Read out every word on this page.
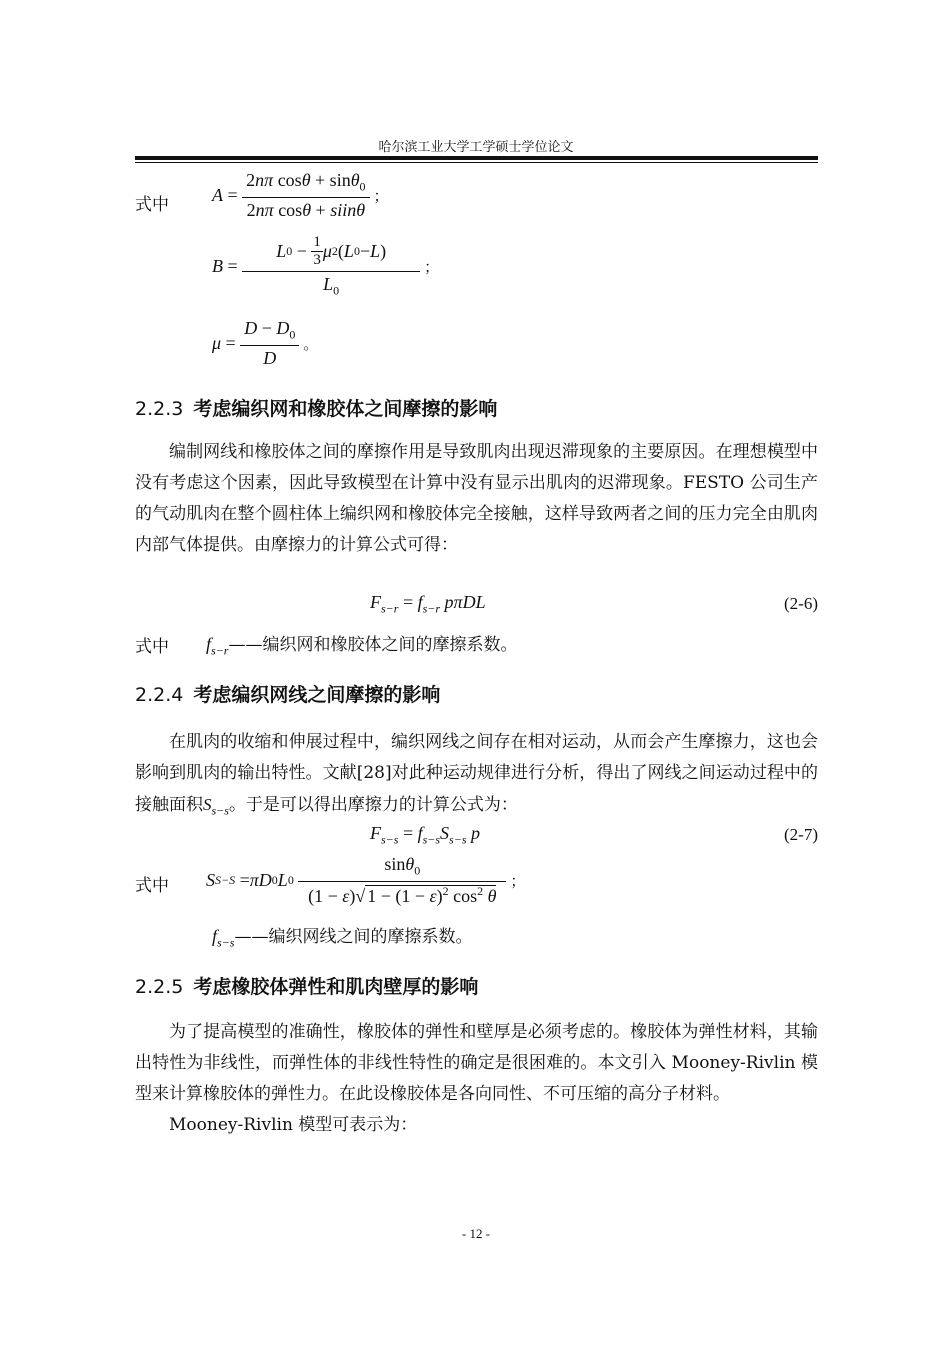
哈尔滨工业大学工学硕士学位论文
式中
$A = \frac{2n\pi \cos\theta + \sin\theta_0}{\text{2nπ cosθ + siinθ}}$ ；
$B = \frac{L 0 - \frac{1}{3} \mu 2 ( L 0 - L )}{L_0}$ ；
$\mu = \frac{D - D_0}{D}$ 。
2.2.3 考虑编织网和橡胶体之间摩擦的影响

编制网线和橡胶体之间的摩擦作用是导致肌肉出现迟滞现象的主要原因。在理想模型中没有考虑这个因素，因此导致模型在计算中没有显示出肌肉的迟滞现象。FESTO 公司生产的气动肌肉在整个圆柱体上编织网和橡胶体完全接触，这样导致两者之间的压力完全由肌肉内部气体提供。由摩擦力的计算公式可得：

$F_{s-r} = f_{s-r}$ pπDL	(2-6)
式中 $f_{s-r}$ ——编织网和橡胶体之间的摩擦系数。
2.2.4 考虑编织网线之间摩擦的影响

在肌肉的收缩和伸展过程中，编织网线之间存在相对运动，从而会产生摩擦力，这也会影响到肌肉的输出特性。文献[28]对此种运动规律进行分析，得出了网线之间运动过程中的接触面积$S_{s-s}$。于是可以得出摩擦力的计算公式为：

$F_{s-s} = f_{s-s}S_{s-s}$ p	(2-7)
式中 S S−S = πD 0 L 0
$\frac{\sin\theta_0}{(1 - \varepsilon)√ 1 - (1 - \varepsilon)^2 \cos^2 \theta}$ ；
$f_{s-s}$ ——编织网线之间的摩擦系数。
2.2.5 考虑橡胶体弹性和肌肉壁厚的影响

为了提高模型的准确性，橡胶体的弹性和壁厚是必须考虑的。橡胶体为弹性材料，其输出特性为非线性，而弹性体的非线性特性的确定是很困难的。本文引入 Mooney-Rivlin 模型来计算橡胶体的弹性力。在此设橡胶体是各向同性、不可压缩的高分子材料。

Mooney-Rivlin 模型可表示为：

- 12 -
